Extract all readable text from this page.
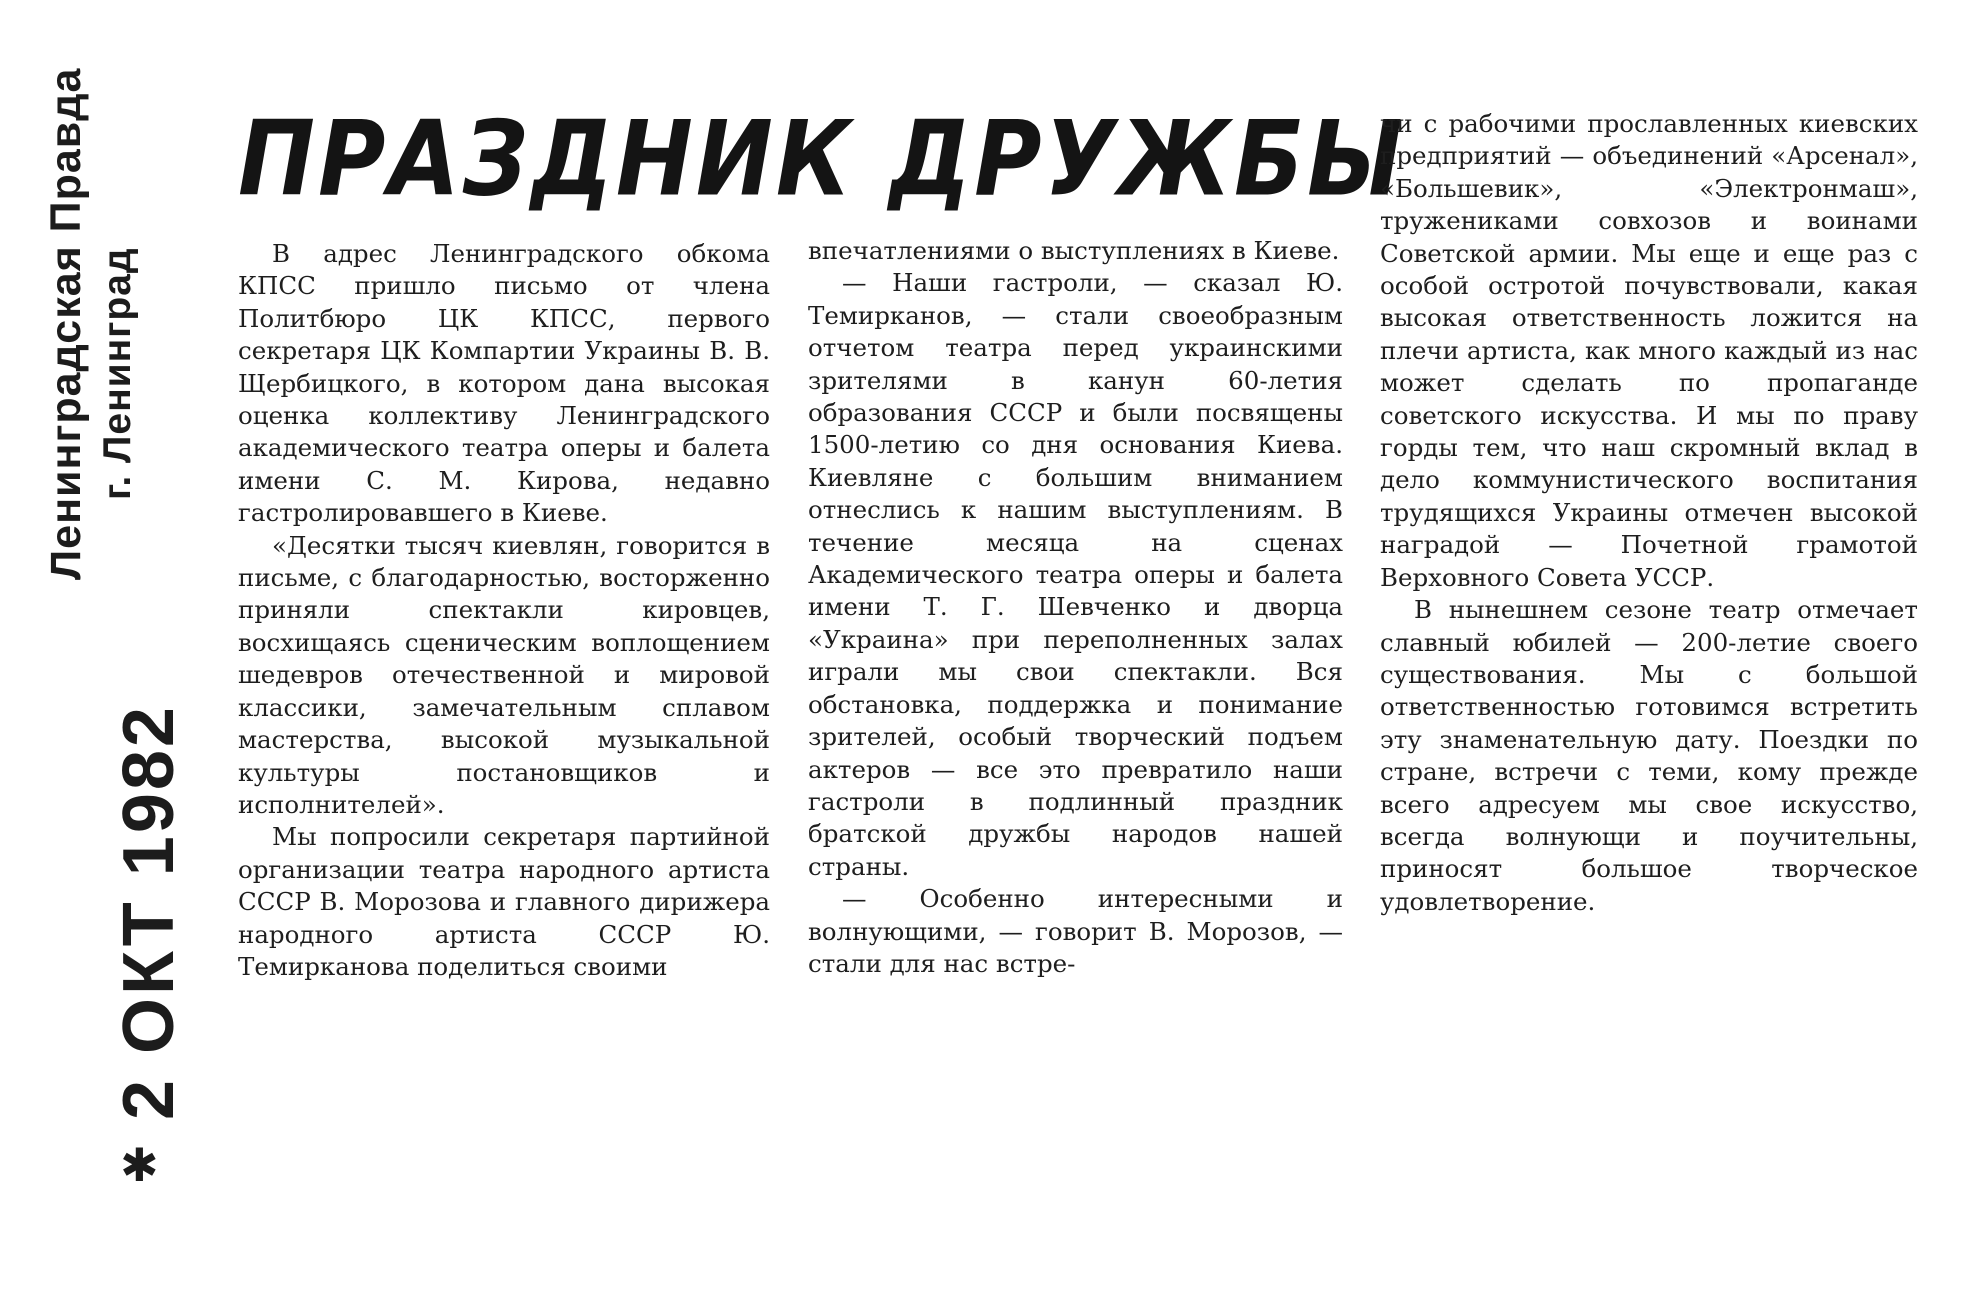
Ленинградская Правда г. Ленинград
2 ОКТ 1982
✱
ПРАЗДНИК ДРУЖБЫ

В адрес Ленинградского обкома КПСС пришло письмо от члена Политбюро ЦК КПСС, первого секретаря ЦК Компартии Украины В. В. Щербицкого, в котором дана высокая оценка коллективу Ленинградского академического театра оперы и балета имени С. М. Кирова, недавно гастролировавшего в Киеве.

«Десятки тысяч киевлян, говорится в письме, с благодарностью, восторженно приняли спектакли кировцев, восхищаясь сценическим воплощением шедевров отечественной и мировой классики, замечательным сплавом мастерства, высокой музыкальной культуры постановщиков и исполнителей».

Мы попросили секретаря партийной организации театра народного артиста СССР В. Морозова и главного дирижера народного артиста СССР Ю. Темирканова поделиться своими

впечатлениями о выступлениях в Киеве.

— Наши гастроли, — сказал Ю. Темирканов, — стали своеобразным отчетом театра перед украинскими зрителями в канун 60-летия образования СССР и были посвящены 1500-летию со дня основания Киева. Киевляне с большим вниманием отнеслись к нашим выступлениям. В течение месяца на сценах Академического театра оперы и балета имени Т. Г. Шевченко и дворца «Украина» при переполненных залах играли мы свои спектакли. Вся обстановка, поддержка и понимание зрителей, особый творческий подъем актеров — все это превратило наши гастроли в подлинный праздник братской дружбы народов нашей страны.

— Особенно интересными и волнующими, — говорит В. Морозов, — стали для нас встре-

чи с рабочими прославленных киевских предприятий — объединений «Арсенал», «Большевик», «Электронмаш», тружениками совхозов и воинами Советской армии. Мы еще и еще раз с особой остротой почувствовали, какая высокая ответственность ложится на плечи артиста, как много каждый из нас может сделать по пропаганде советского искусства. И мы по праву горды тем, что наш скромный вклад в дело коммунистического воспитания трудящихся Украины отмечен высокой наградой — Почетной грамотой Верховного Совета УССР.

В нынешнем сезоне театр отмечает славный юбилей — 200-летие своего существования. Мы с большой ответственностью готовимся встретить эту знаменательную дату. Поездки по стране, встречи с теми, кому прежде всего адресуем мы свое искусство, всегда волнующи и поучительны, приносят большое творческое удовлетворение.
